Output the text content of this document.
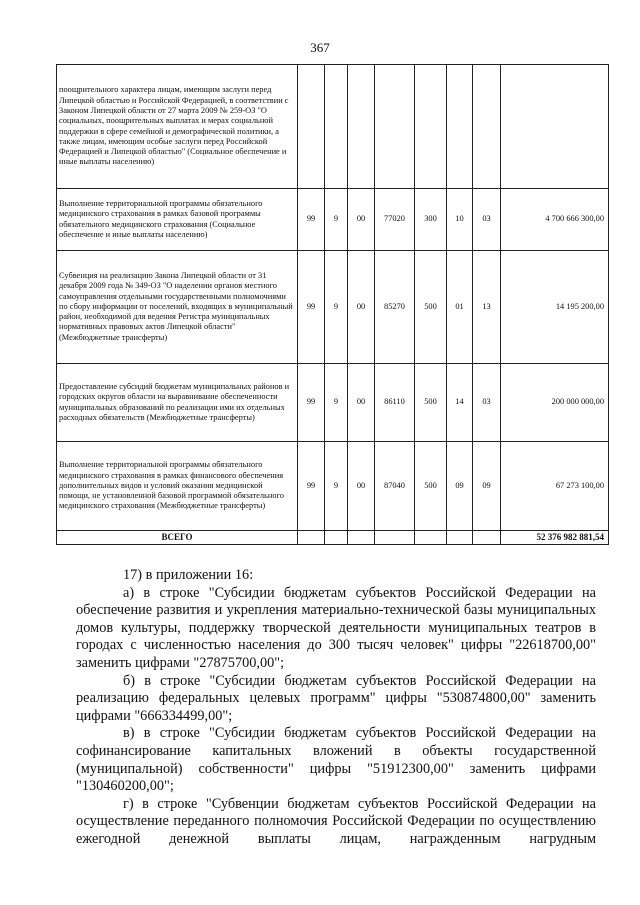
367
поощрительного характера лицам, имеющим заслуги перед Липецкой областью и Российской Федерацией, в соответствии с Законом Липецкой области от 27 марта 2009 № 259-ОЗ "О социальных, поощрительных выплатах и мерах социальной поддержки в сфере семейной и демографической политики, а также лицам, имеющим особые заслуги перед Российской Федерацией и Липецкой областью" (Социальное обеспечение и иные выплаты населению)								
Выполнение территориальной программы обязательного медицинского страхования в рамках базовой программы обязательного медицинского страхования (Социальное обеспечение и иные выплаты населению)	99	9	00	77020	300	10	03	4 700 666 300,00
Субвенция на реализацию Закона Липецкой области от 31 декабря 2009 года № 349-ОЗ "О наделении органов местного самоуправления отдельными государственными полномочиями по сбору информации от поселений, входящих в муниципальный район, необходимой для ведения Регистра муниципальных нормативных правовых актов Липецкой области" (Межбюджетные трансферты)	99	9	00	85270	500	01	13	14 195 200,00
Предоставление субсидий бюджетам муниципальных районов и городских округов области на выравнивание обеспеченности муниципальных образований по реализации ими их отдельных расходных обязательств (Межбюджетные трансферты)	99	9	00	86110	500	14	03	200 000 000,00
Выполнение территориальной программы обязательного медицинского страхования в рамках финансового обеспечения дополнительных видов и условий оказания медицинской помощи, не установленной базовой программой обязательного медицинского страхования (Межбюджетные трансферты)	99	9	00	87040	500	09	09	67 273 100,00
ВСЕГО								52 376 982 881,54

17) в приложении 16:

а) в строке "Субсидии бюджетам субъектов Российской Федерации на обеспечение развития и укрепления материально-технической базы муниципальных домов культуры, поддержку творческой деятельности муниципальных театров в городах с численностью населения до 300 тысяч человек" цифры "22618700,00" заменить цифрами "27875700,00";

б) в строке "Субсидии бюджетам субъектов Российской Федерации на реализацию федеральных целевых программ" цифры "530874800,00" заменить цифрами "666334499,00";

в) в строке "Субсидии бюджетам субъектов Российской Федерации на софинансирование капитальных вложений в объекты государственной (муниципальной) собственности" цифры "51912300,00" заменить цифрами "130460200,00";

г) в строке "Субвенции бюджетам субъектов Российской Федерации на осуществление переданного полномочия Российской Федерации по осуществлению ежегодной денежной выплаты лицам, награжденным нагрудным
